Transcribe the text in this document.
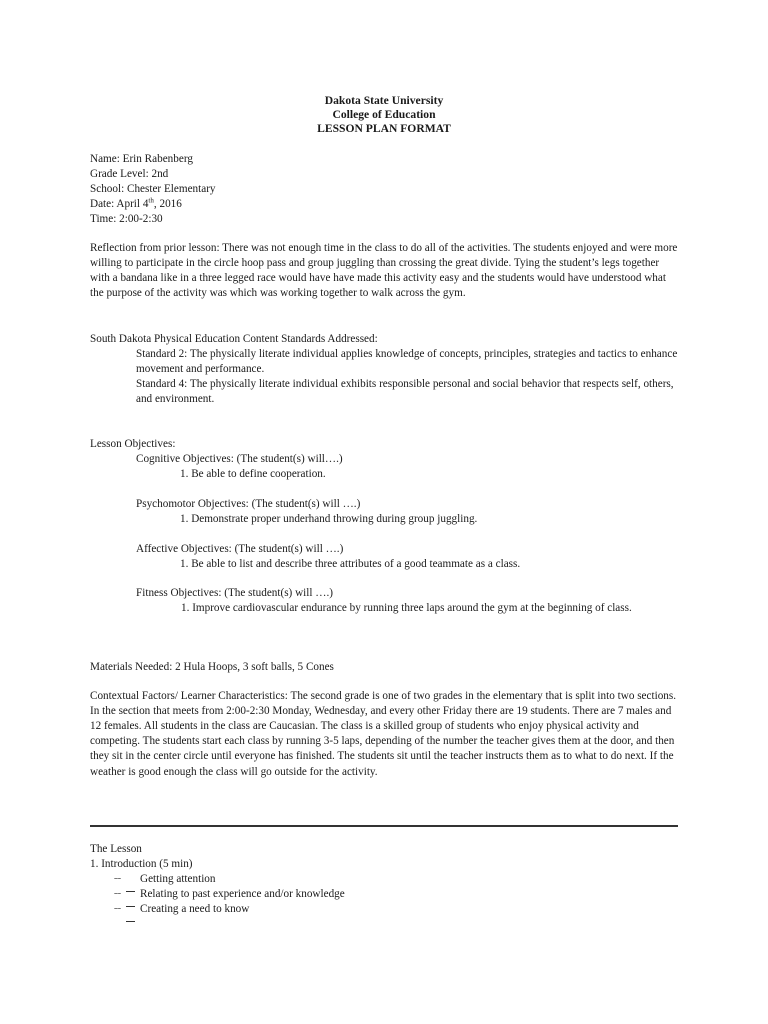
Dakota State University
College of Education
LESSON PLAN FORMAT
Name: Erin Rabenberg
Grade Level: 2nd
School: Chester Elementary
Date: April 4th, 2016
Time: 2:00-2:30
Reflection from prior lesson: There was not enough time in the class to do all of the activities. The students enjoyed and were more willing to participate in the circle hoop pass and group juggling than crossing the great divide. Tying the student’s legs together with a bandana like in a three legged race would have have made this activity easy and the students would have understood what the purpose of the activity was which was working together to walk across the gym.
South Dakota Physical Education Content Standards Addressed:
Standard 2: The physically literate individual applies knowledge of concepts, principles, strategies and tactics to enhance movement and performance.
Standard 4: The physically literate individual exhibits responsible personal and social behavior that respects self, others, and environment.
Lesson Objectives:
Cognitive Objectives: (The student(s) will….)
1. Be able to define cooperation.
Psychomotor Objectives: (The student(s) will ….)
1. Demonstrate proper underhand throwing during group juggling.
Affective Objectives: (The student(s) will ….)
1. Be able to list and describe three attributes of a good teammate as a class.
Fitness Objectives: (The student(s) will ….)
1. Improve cardiovascular endurance by running three laps around the gym at the beginning of class.
Materials Needed: 2 Hula Hoops, 3 soft balls, 5 Cones
Contextual Factors/ Learner Characteristics: The second grade is one of two grades in the elementary that is split into two sections. In the section that meets from 2:00-2:30 Monday, Wednesday, and every other Friday there are 19 students. There are 7 males and 12 females. All students in the class are Caucasian. The class is a skilled group of students who enjoy physical activity and competing. The students start each class by running 3-5 laps, depending of the number the teacher gives them at the door, and then they sit in the center circle until everyone has finished. The students sit until the teacher instructs them as to what to do next. If the weather is good enough the class will go outside for the activity.
The Lesson
1. Introduction (5 min)
ˆˆ ˆˆ Getting attention
ˆˆ ˆˆ Relating to past experience and/or knowledge
ˆˆ ˆˆ Creating a need to know
